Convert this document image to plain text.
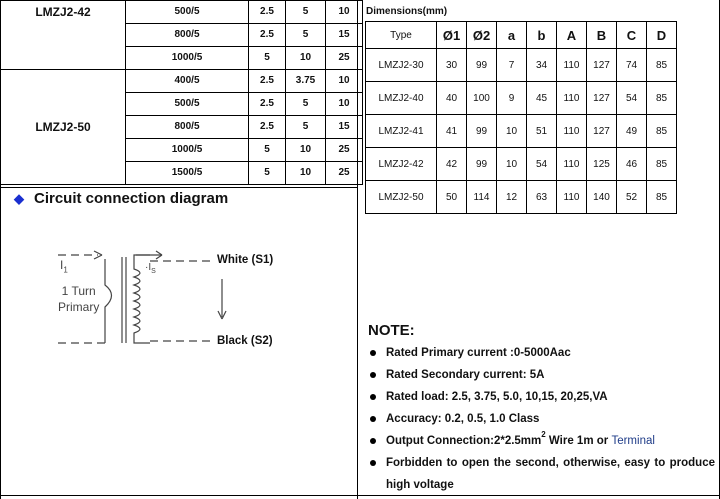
LMZJ2-42	500/5	2.5	5	10
	800/5	2.5	5	15
	1000/5	5	10	25
LMZJ2-50	400/5	2.5	3.75	10
	500/5	2.5	5	10
	800/5	2.5	5	15
	1000/5	5	10	25
	1500/5	5	10	25
Dimensions(mm)
Type	Ø1	Ø2	a	b	A	B	C	D
LMZJ2-30	30	99	7	34	110	127	74	85
LMZJ2-40	40	100	9	45	110	127	54	85
LMZJ2-41	41	99	10	51	110	127	49	85
LMZJ2-42	42	99	10	54	110	125	46	85
LMZJ2-50	50	114	12	63	110	140	52	85
◆ Circuit connection diagram
$I_1$	$\cdot I_S$
1 Turn
Primary
White (S1)
Black (S2)
NOTE:
Rated Primary current :0-5000Aac
Rated Secondary current: 5A
Rated load: 2.5, 3.75, 5.0, 10,15, 20,25,VA
Accuracy: 0.2, 0.5, 1.0 Class
Output $Connection:2*2.5mm^2$ Wire 1m or Terminal
Forbidden to open the second, otherwise, easy to produce high voltage
